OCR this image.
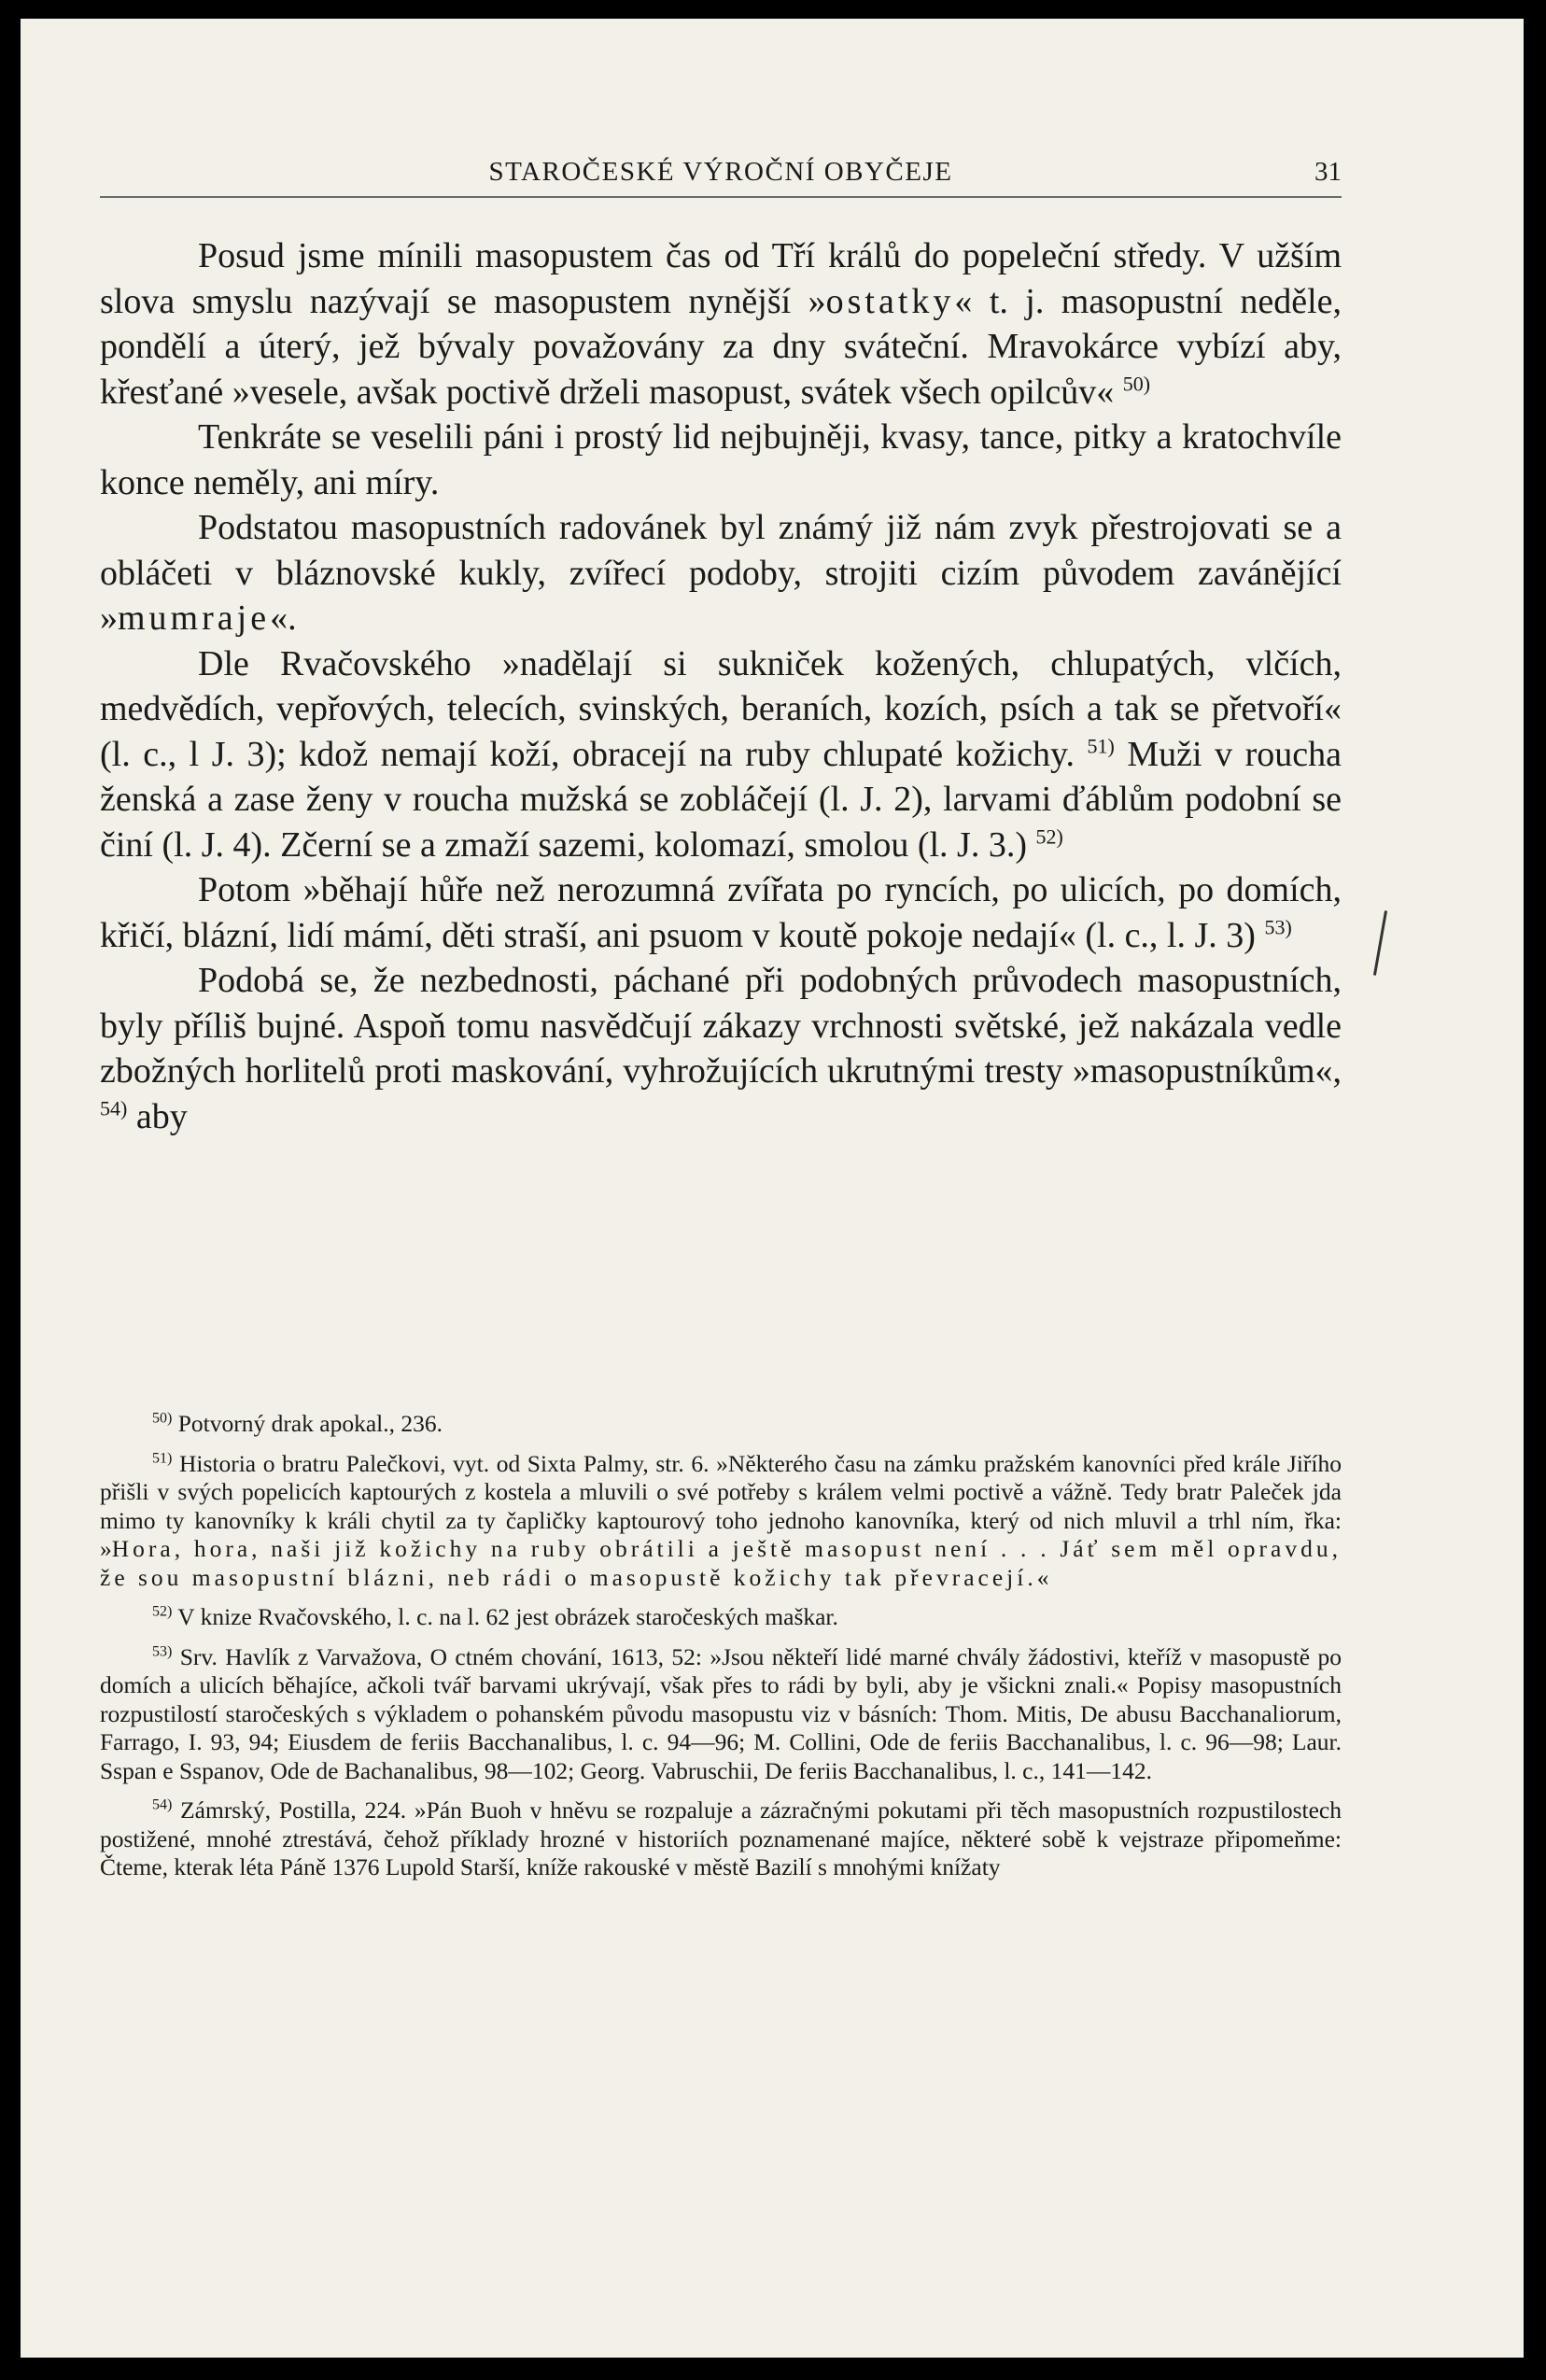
STAROČESKÉ VÝROČNÍ OBYČEJE	31

Posud jsme mínili masopustem čas od Tří králů do popeleční středy. V užším slova smyslu nazývají se masopustem nynější »ostatky« t. j. masopustní neděle, pondělí a úterý, jež bývaly považovány za dny sváteční. Mravokárce vybízí aby, křesťané »vesele, avšak poctivě drželi masopust, svátek všech opilcův« $^{50)}$

Tenkráte se veselili páni i prostý lid nejbujněji, kvasy, tance, pitky a kratochvíle konce neměly, ani míry.

Podstatou masopustních radovánek byl známý již nám zvyk přestrojovati se a obláčeti v bláznovské kukly, zvířecí podoby, strojiti cizím původem zavánějící »mumraje«.

Dle Rvačovského »nadělají si sukniček kožených, chlupatých, vlčích, medvědích, vepřových, telecích, svinských, beraních, kozích, psích a tak se přetvoří« (l. c., l J. 3); kdož nemají koží, obracejí na ruby chlupaté kožichy. $^{51)}$ Muži v roucha ženská a zase ženy v roucha mužská se zobláčejí (l. J. 2), larvami ďáblům podobní se činí (l. J. 4). Zčerní se a zmaží sazemi, kolomazí, smolou (l. J. 3.) $^{52)}$

Potom »běhají hůře než nerozumná zvířata po ryncích, po ulicích, po domích, křičí, blázní, lidí mámí, děti straší, ani psuom v koutě pokoje nedají« (l. c., l. J. 3) $^{53)}$

Podobá se, že nezbednosti, páchané při podobných průvodech masopustních, byly příliš bujné. Aspoň tomu nasvědčují zákazy vrchnosti světské, jež nakázala vedle zbožných horlitelů proti maskování, vyhrožujících ukrutnými tresty »masopustníkům«, $^{54)}$ aby

$^{50)}$ Potvorný drak apokal., 236.

$^{51)}$ Historia o bratru Palečkovi, vyt. od Sixta Palmy, str. 6. »Některého času na zámku pražském kanovníci před krále Jiřího přišli v svých popelicích kaptourých z kostela a mluvili o své potřeby s králem velmi poctivě a vážně. Tedy bratr Paleček jda mimo ty kanovníky k králi chytil za ty čapličky kaptourový toho jednoho kanovníka, který od nich mluvil a trhl ním, řka: »Hora, hora, naši již kožichy na ruby obrátili a ještě masopust není . . . Jáť sem měl opravdu, že sou masopustní blázni, neb rádi o masopustě kožichy tak převracejí.«

$^{52)}$ V knize Rvačovského, l. c. na l. 62 jest obrázek staročeských maškar.

$^{53)}$ Srv. Havlík z Varvažova, O ctném chování, 1613, 52: »Jsou někteří lidé marné chvály žádostivi, kteříž v masopustě po domích a ulicích běhajíce, ačkoli tvář barvami ukrývají, však přes to rádi by byli, aby je všickni znali.« Popisy masopustních rozpustilostí staročeských s výkladem o pohanském původu masopustu viz v básních: Thom. Mitis, De abusu Bacchanaliorum, Farrago, I. 93, 94; Eiusdem de feriis Bacchanalibus, l. c. 94—96; M. Collini, Ode de feriis Bacchanalibus, l. c. 96—98; Laur. Sspan e Sspanov, Ode de Bachanalibus, 98—102; Georg. Vabruschii, De feriis Bacchanalibus, l. c., 141—142.

$^{54)}$ Zámrský, Postilla, 224. »Pán Buoh v hněvu se rozpaluje a zázračnými pokutami při těch masopustních rozpustilostech postižené, mnohé ztrestává, čehož příklady hrozné v historiích poznamenané majíce, některé sobě k vejstraze připomeňme: Čteme, kterak léta Páně 1376 Lupold Starší, kníže rakouské v městě Bazilí s mnohými knížaty
